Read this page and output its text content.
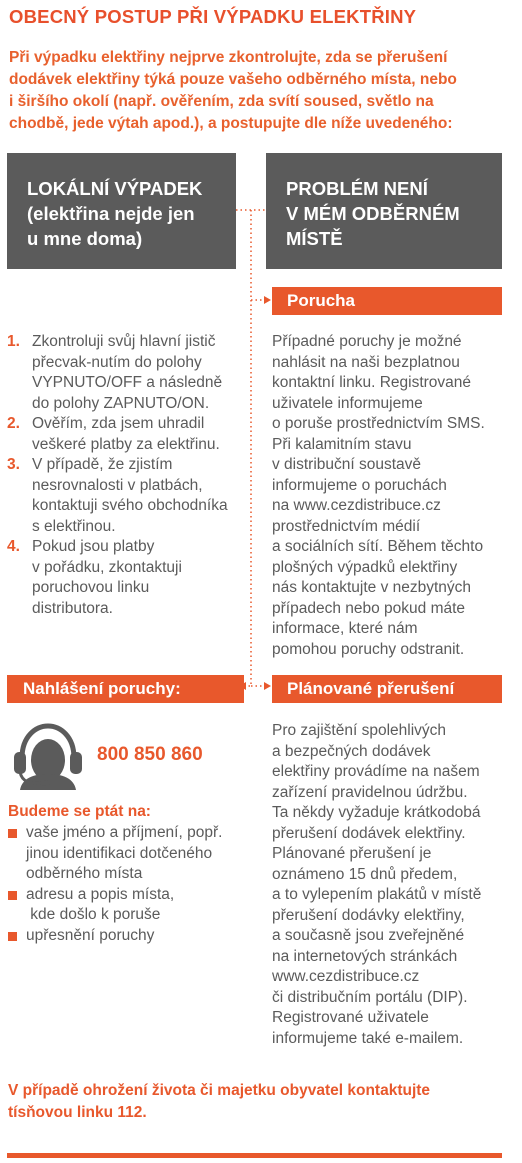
OBECNÝ POSTUP PŘI VÝPADKU ELEKTŘINY
Při výpadku elektřiny nejprve zkontrolujte, zda se přerušení
dodávek elektřiny týká pouze vašeho odběrného místa, nebo
i širšího okolí (např. ověřením, zda svítí soused, světlo na
chodbě, jede výtah apod.), a postupujte dle níže uvedeného:
LOKÁLNÍ VÝPADEK
(elektřina nejde jen
u mne doma)
PROBLÉM NENÍ
V MÉM ODBĚRNÉM
MÍSTĚ
Porucha
Případné poruchy je možné
nahlásit na naši bezplatnou
kontaktní linku. Registrované
uživatele informujeme
o poruše prostřednictvím SMS.
Při kalamitním stavu
v distribuční soustavě
informujeme o poruchách
na www.cezdistribuce.cz
prostřednictvím médií
a sociálních sítí. Během těchto
plošných výpadků elektřiny
nás kontaktujte v nezbytných
případech nebo pokud máte
informace, které nám
pomohou poruchy odstranit.
1. Zkontroluji svůj hlavní jistič
přecvak-nutím do polohy
VYPNUTO/OFF a následně
do polohy ZAPNUTO/ON.
2. Ověřím, zda jsem uhradil
veškeré platby za elektřinu.
3. V případě, že zjistím
nesrovnalosti v platbách,
kontaktuji svého obchodníka
s elektřinou.
4. Pokud jsou platby
v pořádku, zkontaktuji
poruchovou linku
distributora.
Nahlášení poruchy:
800 850 860
Budeme se ptát na:
vaše jméno a příjmení, popř.
jinou identifikaci dotčeného
odběrného místa
adresu a popis místa,
kde došlo k poruše
upřesnění poruchy
Plánované přerušení
Pro zajištění spolehlivých
a bezpečných dodávek
elektřiny provádíme na našem
zařízení pravidelnou údržbu.
Ta někdy vyžaduje krátkodobá
přerušení dodávek elektřiny.
Plánované přerušení je
oznámeno 15 dnů předem,
a to vylepením plakátů v místě
přerušení dodávky elektřiny,
a současně jsou zveřejněné
na internetových stránkách
www.cezdistribuce.cz
či distribučním portálu (DIP).
Registrované uživatele
informujeme také e-mailem.
V případě ohrožení života či majetku obyvatel kontaktujte
tísňovou linku 112.
